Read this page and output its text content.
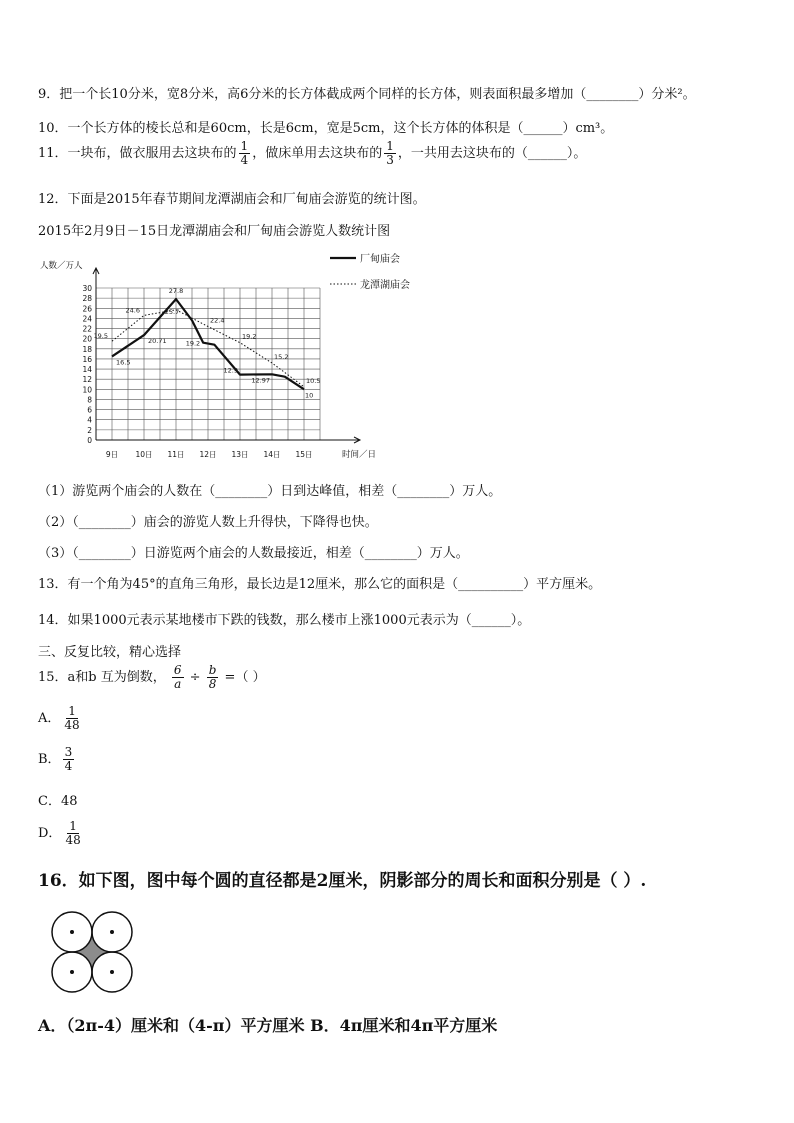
9．把一个长10分米，宽8分米，高6分米的长方体截成两个同样的长方体，则表面积最多增加（________）分米²。
10．一个长方体的棱长总和是60cm，长是6cm，宽是5cm，这个长方体的体积是（______）cm³。
11．一块布，做衣服用去这块布的 $\frac{1}{4}$ ，做床单用去这块布的 $\frac{1}{3}$ ，一共用去这块布的（______）。
12．下面是2015年春节期间龙潭湖庙会和厂甸庙会游览的统计图。
2015年2月9日－15日龙潭湖庙会和厂甸庙会游览人数统计图
人数／万人
时间／日
0
2
4
6
8
10
12
14
16
18
20
22
24
26
28
30
9日 10日 11日 12日 13日 14日 15日
16.5
20.71
27.8
19.2
12.9
12.97
19.5
24.6	25.7
22.4
19.2
15.2
10.5
10
厂甸庙会
龙潭湖庙会
（1）游览两个庙会的人数在（________）日到达峰值，相差（________）万人。
（2）（________）庙会的游览人数上升得快，下降得也快。
（3）（________）日游览两个庙会的人数最接近，相差（________）万人。
13．有一个角为45°的直角三角形，最长边是12厘米，那么它的面积是（__________）平方厘米。
14．如果1000元表示某地楼市下跌的钱数，那么楼市上涨1000元表示为（______）。
三、反复比较，精心选择
15．a和b 互为倒数， $\frac{6}{a} \div \frac{b}{8}$ =（ ）
A． $\frac{1}{48}$
B． $\frac{3}{4}$
C．48
D． $\frac{1}{48}$
16．如下图，图中每个圆的直径都是2厘米，阴影部分的周长和面积分别是（ ）.
A．（2π-4）厘米和（4-π）平方厘米 B．4π厘米和4π平方厘米
